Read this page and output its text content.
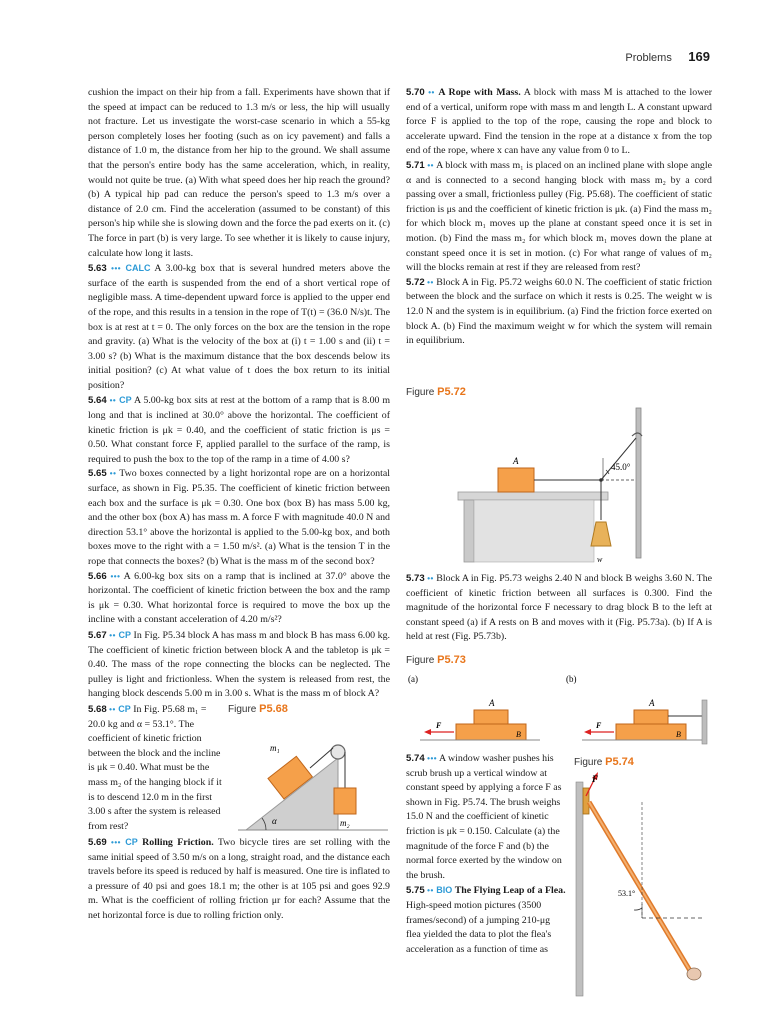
Problems 169

cushion the impact on their hip from a fall. Experiments have shown that if the speed at impact can be reduced to 1.3 m/s or less, the hip will usually not fracture. Let us investigate the worst-case scenario in which a 55-kg person completely loses her footing (such as on icy pavement) and falls a distance of 1.0 m, the distance from her hip to the ground. We shall assume that the person's entire body has the same acceleration, which, in reality, would not quite be true. (a) With what speed does her hip reach the ground? (b) A typical hip pad can reduce the person's speed to 1.3 m/s over a distance of 2.0 cm. Find the acceleration (assumed to be constant) of this person's hip while she is slowing down and the force the pad exerts on it. (c) The force in part (b) is very large. To see whether it is likely to cause injury, calculate how long it lasts.

5.63 ••• CALC A 3.00-kg box that is several hundred meters above the surface of the earth is suspended from the end of a short vertical rope of negligible mass. A time-dependent upward force is applied to the upper end of the rope, and this results in a tension in the rope of T(t) = (36.0 N/s)t. The box is at rest at t = 0. The only forces on the box are the tension in the rope and gravity. (a) What is the velocity of the box at (i) t = 1.00 s and (ii) t = 3.00 s? (b) What is the maximum distance that the box descends below its initial position? (c) At what value of t does the box return to its initial position?

5.64 •• CP A 5.00-kg box sits at rest at the bottom of a ramp that is 8.00 m long and that is inclined at 30.0° above the horizontal. The coefficient of kinetic friction is μk = 0.40, and the coefficient of static friction is μs = 0.50. What constant force F, applied parallel to the surface of the ramp, is required to push the box to the top of the ramp in a time of 4.00 s?

5.65 •• Two boxes connected by a light horizontal rope are on a horizontal surface, as shown in Fig. P5.35. The coefficient of kinetic friction between each box and the surface is μk = 0.30. One box (box B) has mass 5.00 kg, and the other box (box A) has mass m. A force F with magnitude 40.0 N and direction 53.1° above the horizontal is applied to the 5.00-kg box, and both boxes move to the right with a = 1.50 m/s². (a) What is the tension T in the rope that connects the boxes? (b) What is the mass m of the second box?

5.66 ••• A 6.00-kg box sits on a ramp that is inclined at 37.0° above the horizontal. The coefficient of kinetic friction between the box and the ramp is μk = 0.30. What horizontal force is required to move the box up the incline with a constant acceleration of 4.20 m/s²?

5.67 •• CP In Fig. P5.34 block A has mass m and block B has mass 6.00 kg. The coefficient of kinetic friction between block A and the tabletop is μk = 0.40. The mass of the rope connecting the blocks can be neglected. The pulley is light and frictionless. When the system is released from rest, the hanging block descends 5.00 m in 3.00 s. What is the mass m of block A?

5.68 •• CP In Fig. P5.68 m₁ = 20.0 kg and α = 53.1°. The coefficient of kinetic friction between the block and the incline is μk = 0.40. What must be the mass m₂ of the hanging block if it is to descend 12.0 m in the first 3.00 s after the system is released from rest?

Figure P5.68
m₁
m₂
α

5.69 ••• CP Rolling Friction. Two bicycle tires are set rolling with the same initial speed of 3.50 m/s on a long, straight road, and the distance each travels before its speed is reduced by half is measured. One tire is inflated to a pressure of 40 psi and goes 18.1 m; the other is at 105 psi and goes 92.9 m. What is the coefficient of rolling friction μr for each? Assume that the net horizontal force is due to rolling friction only.

5.70 •• A Rope with Mass. A block with mass M is attached to the lower end of a vertical, uniform rope with mass m and length L. A constant upward force F is applied to the top of the rope, causing the rope and block to accelerate upward. Find the tension in the rope at a distance x from the top end of the rope, where x can have any value from 0 to L.

5.71 •• A block with mass m₁ is placed on an inclined plane with slope angle α and is connected to a second hanging block with mass m₂ by a cord passing over a small, frictionless pulley (Fig. P5.68). The coefficient of static friction is μs and the coefficient of kinetic friction is μk. (a) Find the mass m₂ for which block m₁ moves up the plane at constant speed once it is set in motion. (b) Find the mass m₂ for which block m₁ moves down the plane at constant speed once it is set in motion. (c) For what range of values of m₂ will the blocks remain at rest if they are released from rest?

5.72 •• Block A in Fig. P5.72 weighs 60.0 N. The coefficient of static friction between the block and the surface on which it rests is 0.25. The weight w is 12.0 N and the system is in equilibrium. (a) Find the friction force exerted on block A. (b) Find the maximum weight w for which the system will remain in equilibrium.

Figure P5.72
A
45.0°
w

5.73 •• Block A in Fig. P5.73 weighs 2.40 N and block B weighs 3.60 N. The coefficient of kinetic friction between all surfaces is 0.300. Find the magnitude of the horizontal force F necessary to drag block B to the left at constant speed (a) if A rests on B and moves with it (Fig. P5.73a). (b) If A is held at rest (Fig. P5.73b).

Figure P5.73
(a)
A
B
F
(b)
A
B
F

5.74 ••• A window washer pushes his scrub brush up a vertical window at constant speed by applying a force F as shown in Fig. P5.74. The brush weighs 15.0 N and the coefficient of kinetic friction is μk = 0.150. Calculate (a) the magnitude of the force F and (b) the normal force exerted by the window on the brush.

5.75 •• BIO The Flying Leap of a Flea. High-speed motion pictures (3500 frames/second) of a jumping 210-μg flea yielded the data to plot the flea's acceleration as a function of time as

Figure P5.74
F
53.1°
